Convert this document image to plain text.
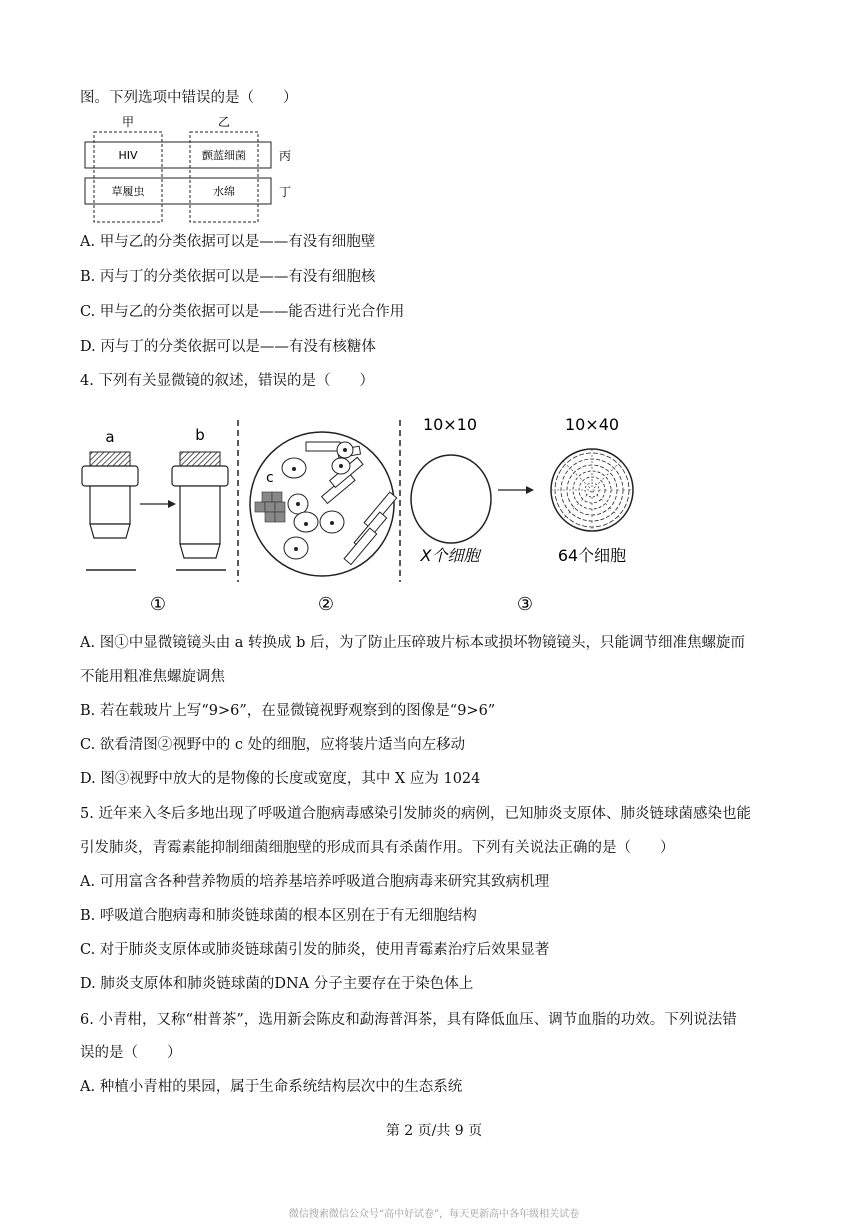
图。下列选项中错误的是（　　）
甲	乙
丙
丁
HIV	颤蓝细菌
草履虫	水绵
A. 甲与乙的分类依据可以是——有没有细胞壁
B. 丙与丁的分类依据可以是——有没有细胞核
C. 甲与乙的分类依据可以是——能否进行光合作用
D. 丙与丁的分类依据可以是——有没有核糖体
4. 下列有关显微镜的叙述，错误的是（　　）
a	b
c
10×10
X个细胞
10×40
64个细胞
①	②	③
A. 图①中显微镜镜头由 a 转换成 b 后，为了防止压碎玻片标本或损坏物镜镜头，只能调节细准焦螺旋而
不能用粗准焦螺旋调焦
B. 若在载玻片上写“9>6”，在显微镜视野观察到的图像是“9>6”
C. 欲看清图②视野中的 c 处的细胞，应将装片适当向左移动
D. 图③视野中放大的是物像的长度或宽度，其中 X 应为 1024
5. 近年来入冬后多地出现了呼吸道合胞病毒感染引发肺炎的病例，已知肺炎支原体、肺炎链球菌感染也能
引发肺炎，青霉素能抑制细菌细胞壁的形成而具有杀菌作用。下列有关说法正确的是（　　）
A. 可用富含各种营养物质的培养基培养呼吸道合胞病毒来研究其致病机理
B. 呼吸道合胞病毒和肺炎链球菌的根本区别在于有无细胞结构
C. 对于肺炎支原体或肺炎链球菌引发的肺炎，使用青霉素治疗后效果显著
D. 肺炎支原体和肺炎链球菌的DNA 分子主要存在于染色体上
6. 小青柑，又称“柑普茶”，选用新会陈皮和勐海普洱茶，具有降低血压、调节血脂的功效。下列说法错
误的是（　　）
A. 种植小青柑的果园，属于生命系统结构层次中的生态系统
第 2 页/共 9 页
微信搜索微信公众号“高中好试卷”，每天更新高中各年级相关试卷
